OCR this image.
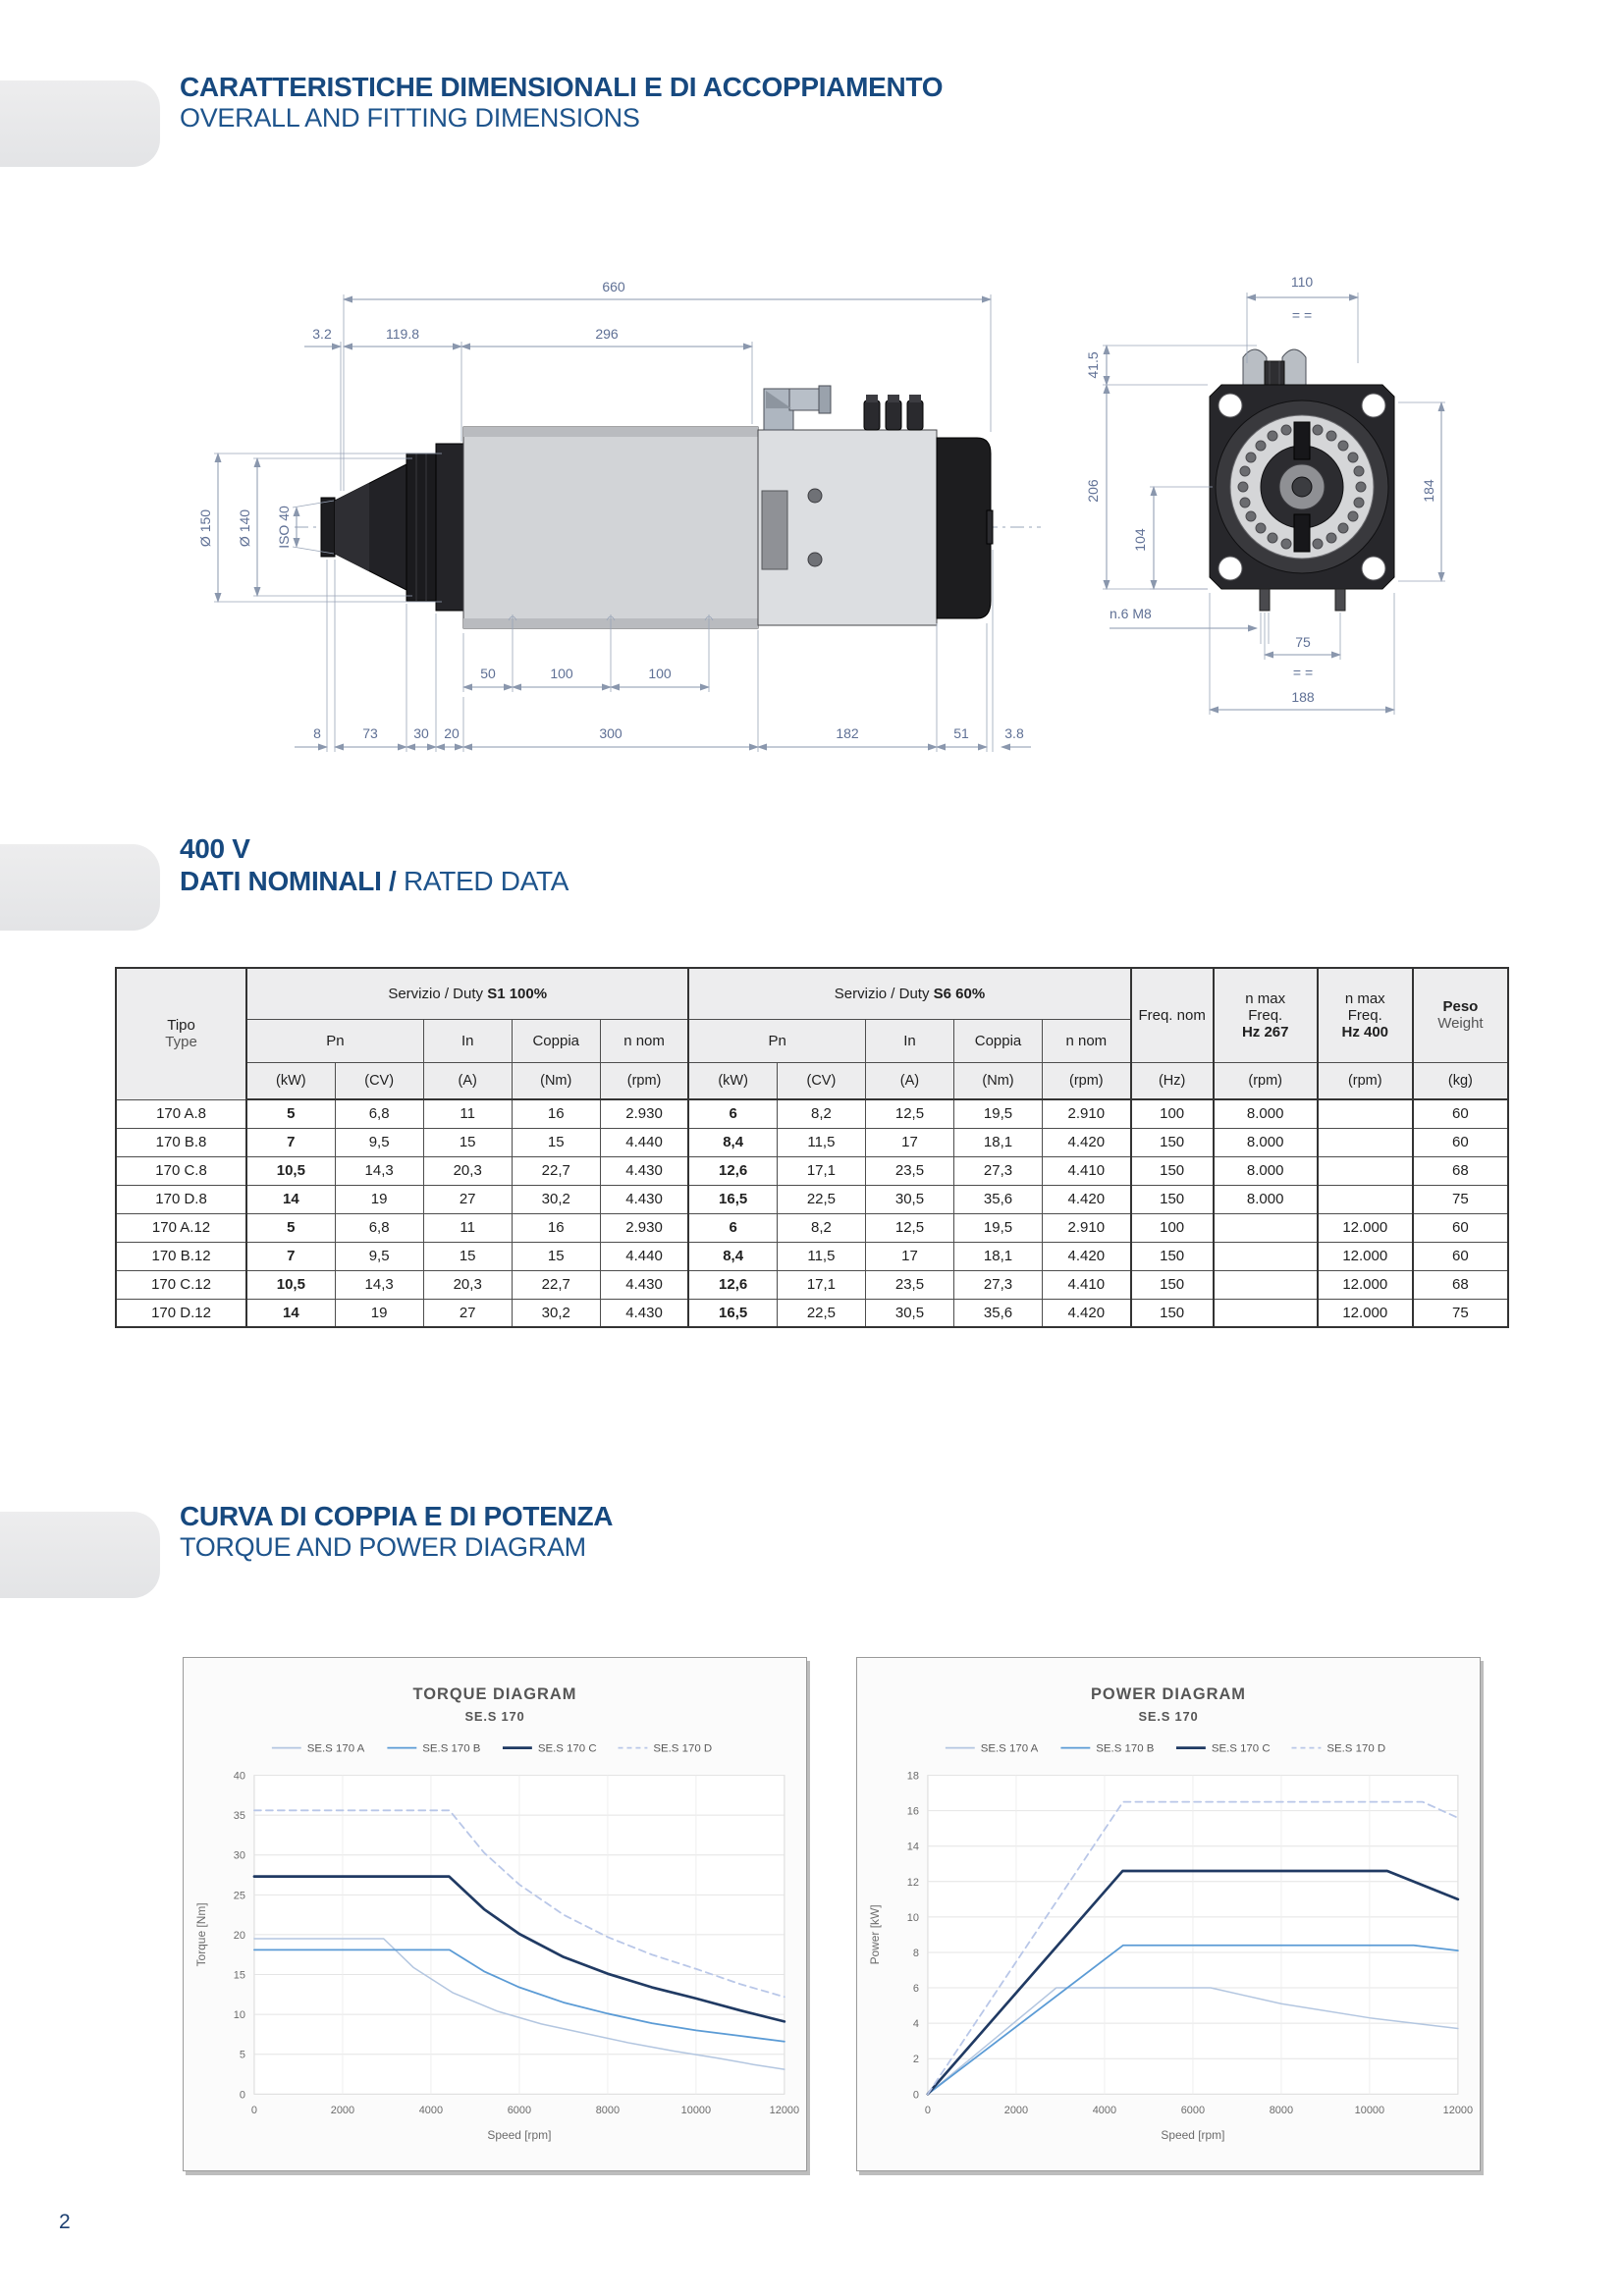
CARATTERISTICHE DIMENSIONALI E DI ACCOPPIAMENTO
OVERALL AND FITTING DIMENSIONS
660
3.2	119.8	296
Ø 150 Ø 140 ISO 40
50	100	100
8	73	30 20	300	182	51	3.8
110
= =
41.5
206
104
184
n.6 M8
75
= =
188
400 V
DATI NOMINALI / RATED DATA
Tipo
Type	Servizio / Duty S1 100%					Servizio / Duty S6 60%					Freq. nom	n max
Freq.
Hz 267	n max
Freq.
Hz 400	Peso
Weight
	Pn		In	Coppia	n nom	Pn		In	Coppia	n nom				
	(kW)	(CV)	(A)	(Nm)	(rpm)	(kW)	(CV)	(A)	(Nm)	(rpm)	(Hz)	(rpm)	(rpm)	(kg)
170 A.8	5	6,8	11	16	2.930	6	8,2	12,5	19,5	2.910	100	8.000		60
170 B.8	7	9,5	15	15	4.440	8,4	11,5	17	18,1	4.420	150	8.000		60
170 C.8	10,5	14,3	20,3	22,7	4.430	12,6	17,1	23,5	27,3	4.410	150	8.000		68
170 D.8	14	19	27	30,2	4.430	16,5	22,5	30,5	35,6	4.420	150	8.000		75
170 A.12	5	6,8	11	16	2.930	6	8,2	12,5	19,5	2.910	100		12.000	60
170 B.12	7	9,5	15	15	4.440	8,4	11,5	17	18,1	4.420	150		12.000	60
170 C.12	10,5	14,3	20,3	22,7	4.430	12,6	17,1	23,5	27,3	4.410	150		12.000	68
170 D.12	14	19	27	30,2	4.430	16,5	22,5	30,5	35,6	4.420	150		12.000	75
CURVA DI COPPIA E DI POTENZA
TORQUE AND POWER DIAGRAM
0
5
10
15
20
25
30
35
40
0	2000	4000	6000	8000	10000	12000
TORQUE DIAGRAM
SE.S 170
SE.S 170 A	SE.S 170 B	SE.S 170 C	SE.S 170 D
Speed [rpm]
Torque [Nm]
0
2
4
6
8
10
12
14
16
18
0	2000	4000	6000	8000	10000	12000
POWER DIAGRAM
SE.S 170
SE.S 170 A	SE.S 170 B	SE.S 170 C	SE.S 170 D
Speed [rpm]
Power [kW]
2
